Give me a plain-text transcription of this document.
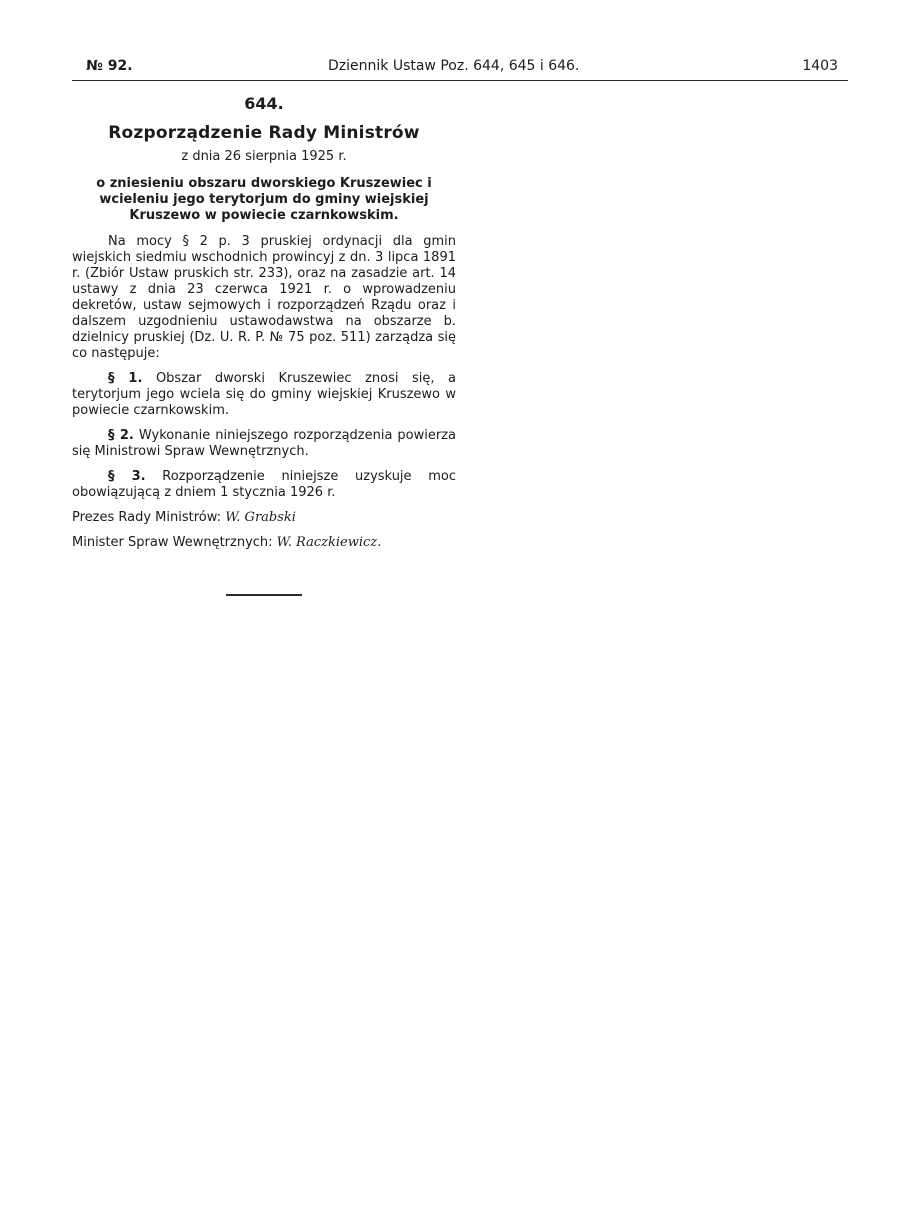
№ 92.	Dziennik Ustaw Poz. 644, 645 i 646.	1403
644.
Rozporządzenie Rady Ministrów
z dnia 26 sierpnia 1925 r.
o zniesieniu obszaru dworskiego Kruszewiec i wcieleniu jego terytorjum do gminy wiejskiej Kruszewo w powiecie czarnkowskim.

Na mocy § 2 p. 3 pruskiej ordynacji dla gmin wiejskich siedmiu wschodnich prowincyj z dn. 3 lipca 1891 r. (Zbiór Ustaw pruskich str. 233), oraz na zasadzie art. 14 ustawy z dnia 23 czerwca 1921 r. o wprowadzeniu dekretów, ustaw sejmowych i rozporządzeń Rządu oraz i dalszem uzgodnieniu ustawodawstwa na obszarze b. dzielnicy pruskiej (Dz. U. R. P. № 75 poz. 511) zarządza się co następuje:

§ 1. Obszar dworski Kruszewiec znosi się, a terytorjum jego wciela się do gminy wiejskiej Kruszewo w powiecie czarnkowskim.

§ 2. Wykonanie niniejszego rozporządzenia powierza się Ministrowi Spraw Wewnętrznych.

§ 3. Rozporządzenie niniejsze uzyskuje moc obowiązującą z dniem 1 stycznia 1926 r.

Prezes Rady Ministrów: W. Grabski
Minister Spraw Wewnętrznych: W. Raczkiewicz.
